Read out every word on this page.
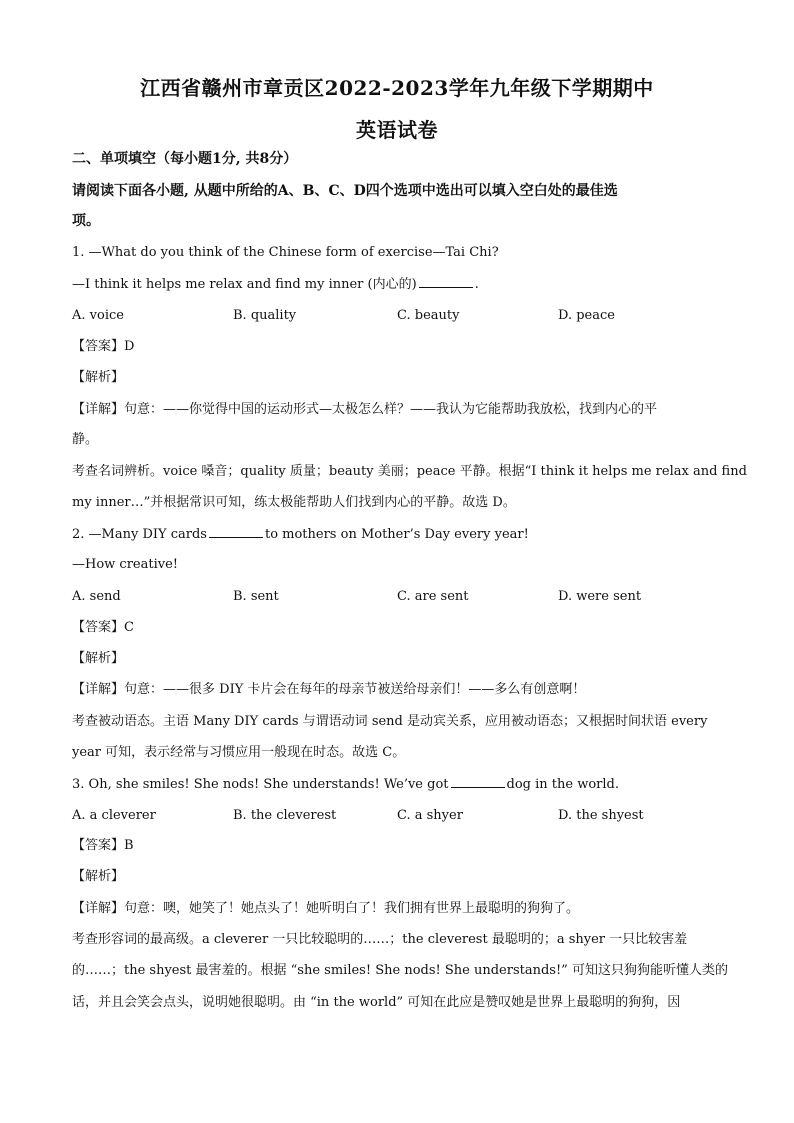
江西省赣州市章贡区2022-2023学年九年级下学期期中
英语试卷
二、单项填空（每小题1分, 共8分）
请阅读下面各小题, 从题中所给的A、B、C、D四个选项中选出可以填入空白处的最佳选
项。
1. —What do you think of the Chinese form of exercise—Tai Chi?
—I think it helps me relax and find my inner (内心的)	.
A. voice	B. quality	C. beauty	D. peace
【答案】D
【解析】
【详解】句意：——你觉得中国的运动形式—太极怎么样？——我认为它能帮助我放松，找到内心的平
静。
考查名词辨析。voice 嗓音；quality 质量；beauty 美丽；peace 平静。根据“I think it helps me relax and find
my inner…”并根据常识可知，练太极能帮助人们找到内心的平静。故选 D。
2. —Many DIY cards	to mothers on Mother’s Day every year!
—How creative!
A. send	B. sent	C. are sent	D. were sent
【答案】C
【解析】
【详解】句意：——很多 DIY 卡片会在每年的母亲节被送给母亲们！——多么有创意啊！
考查被动语态。主语 Many DIY cards 与谓语动词 send 是动宾关系，应用被动语态；又根据时间状语 every
year 可知，表示经常与习惯应用一般现在时态。故选 C。
3. Oh, she smiles! She nods! She understands! We’ve got	dog in the world.
A. a cleverer	B. the cleverest	C. a shyer	D. the shyest
【答案】B
【解析】
【详解】句意：噢，她笑了！她点头了！她听明白了！我们拥有世界上最聪明的狗狗了。
考查形容词的最高级。a cleverer 一只比较聪明的……；the cleverest 最聪明的；a shyer 一只比较害羞
的……；the shyest 最害羞的。根据 “she smiles! She nods! She understands!” 可知这只狗狗能听懂人类的
话，并且会笑会点头，说明她很聪明。由 “in the world” 可知在此应是赞叹她是世界上最聪明的狗狗，因
